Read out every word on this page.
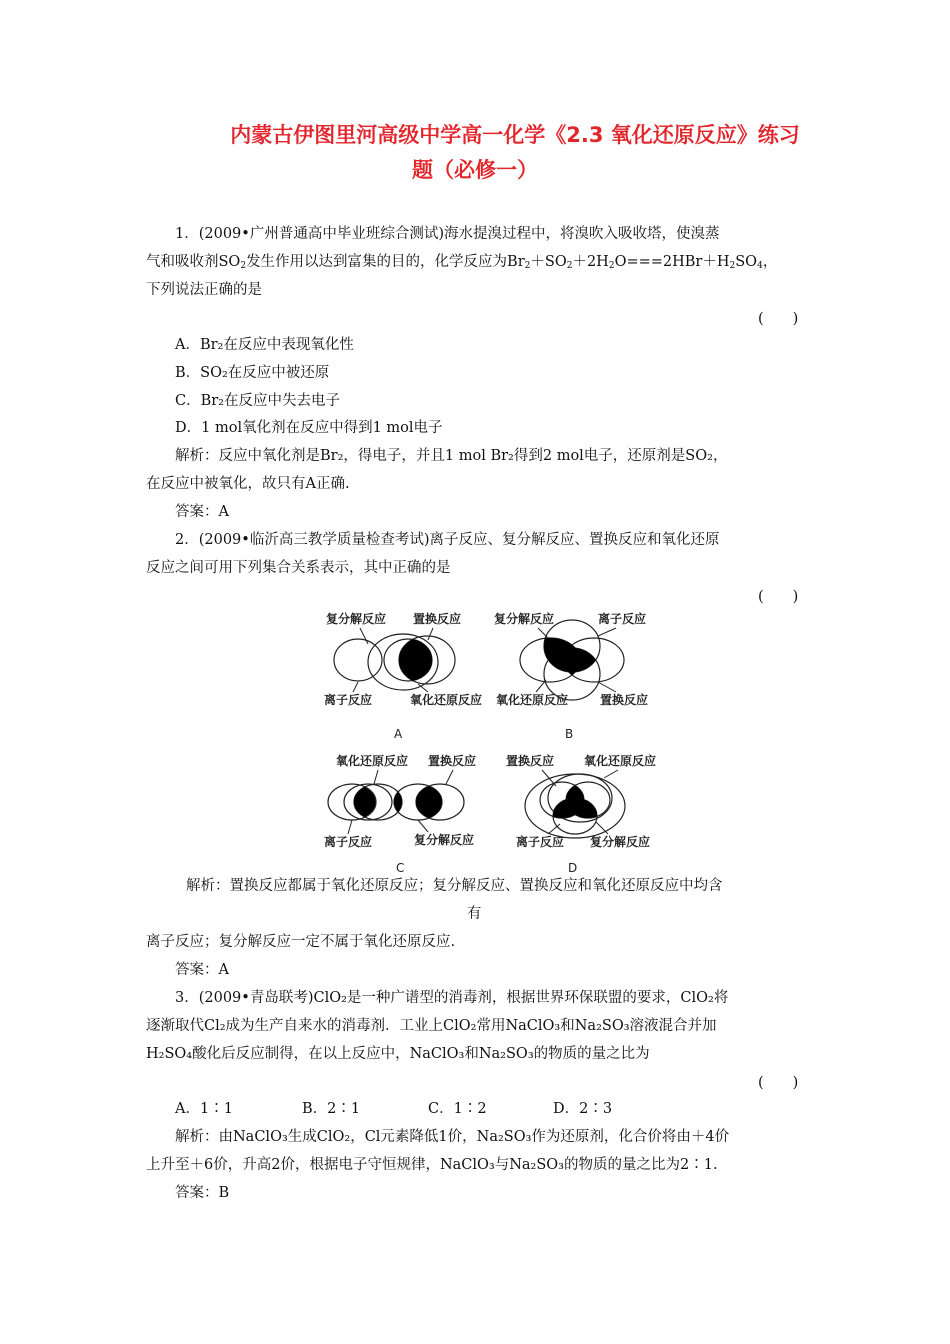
内蒙古伊图里河高级中学高一化学《2.3 氧化还原反应》练习
题（必修一）
1．(2009•广州普通高中毕业班综合测试)海水提溴过程中，将溴吹入吸收塔，使溴蒸
气和吸收剂$SO_2$发生作用以达到富集的目的，化学反应为$Br_2+SO_2+2H_2O===2HBr+H_2SO_4$，
下列说法正确的是
(　　)
A．Br₂在反应中表现氧化性
B．SO₂在反应中被还原
C．Br₂在反应中失去电子
D．1 mol氧化剂在反应中得到1 mol电子
解析：反应中氧化剂是Br₂，得电子，并且1 mol Br₂得到2 mol电子，还原剂是SO₂，
在反应中被氧化，故只有A正确.
答案：A
2．(2009•临沂高三教学质量检查考试)离子反应、复分解反应、置换反应和氧化还原
反应之间可用下列集合关系表示，其中正确的是
(　　)
复分解反应 置换反应
离子反应	氧化还原反应
A
复分解反应	离子反应
氧化还原反应	置换反应
B
氧化还原反应 置换反应
离子反应	复分解反应
C
置换反应 氧化还原反应
离子反应 复分解反应
D
解析：置换反应都属于氧化还原反应；复分解反应、置换反应和氧化还原反应中均含
有
离子反应；复分解反应一定不属于氧化还原反应.
答案：A
3．(2009•青岛联考)ClO₂是一种广谱型的消毒剂，根据世界环保联盟的要求，ClO₂将
逐渐取代Cl₂成为生产自来水的消毒剂．工业上ClO₂常用NaClO₃和Na₂SO₃溶液混合并加
H₂SO₄酸化后反应制得，在以上反应中，NaClO₃和Na₂SO₃的物质的量之比为
(　　)
A．1∶1	B．2∶1	C．1∶2	D．2∶3
解析：由NaClO₃生成ClO₂，Cl元素降低1价，Na₂SO₃作为还原剂，化合价将由＋4价
上升至＋6价，升高2价，根据电子守恒规律，NaClO₃与Na₂SO₃的物质的量之比为2∶1.
答案：B
